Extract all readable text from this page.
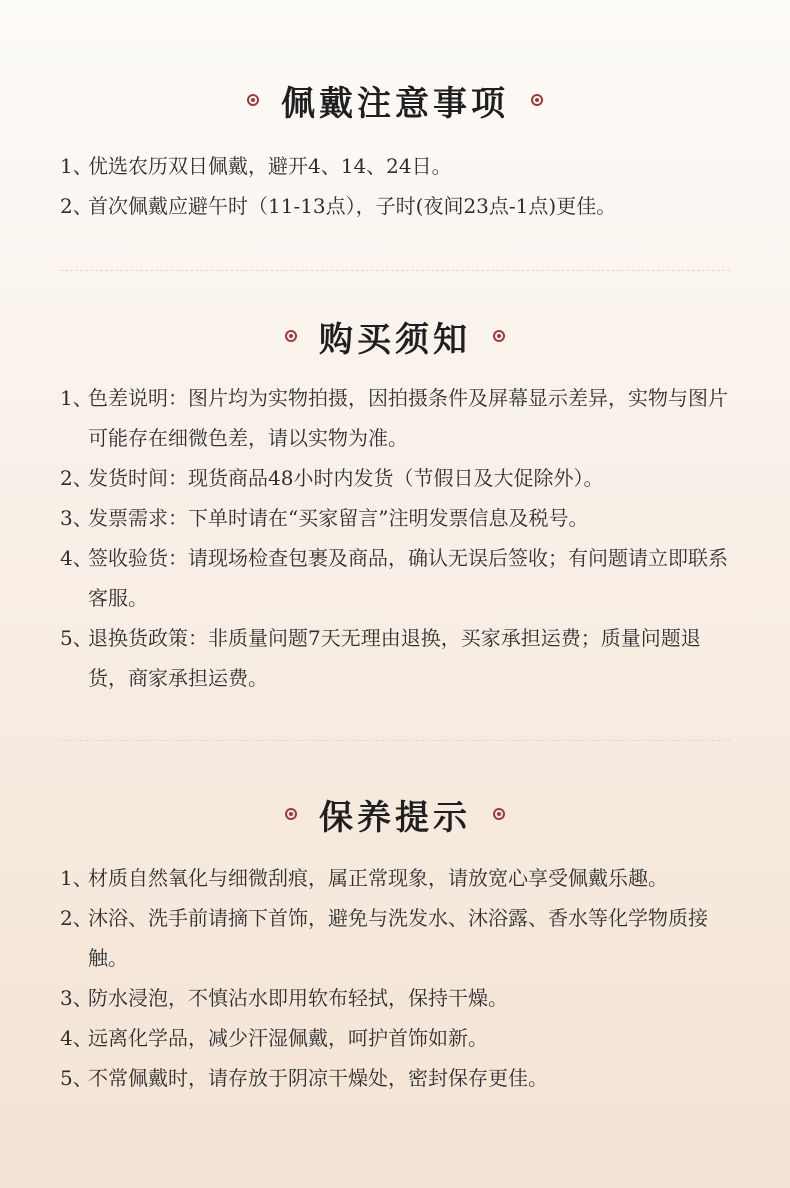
佩戴注意事项
1、
优选农历双日佩戴，避开4、14、24日。
2、
首次佩戴应避午时（11-13点），子时(夜间23点-1点)更佳。
购买须知
1、
色差说明：图片均为实物拍摄，因拍摄条件及屏幕显示差异，实物与图片可能存在细微色差，请以实物为准。
2、
发货时间：现货商品48小时内发货（节假日及大促除外）。
3、
发票需求：下单时请在“买家留言”注明发票信息及税号。
4、
签收验货：请现场检查包裹及商品，确认无误后签收；有问题请立即联系客服。
5、
退换货政策：非质量问题7天无理由退换，买家承担运费；质量问题退货，商家承担运费。
保养提示
1、
材质自然氧化与细微刮痕，属正常现象，请放宽心享受佩戴乐趣。
2、
沐浴、洗手前请摘下首饰，避免与洗发水、沐浴露、香水等化学物质接触。
3、
防水浸泡，不慎沾水即用软布轻拭，保持干燥。
4、
远离化学品，减少汗湿佩戴，呵护首饰如新。
5、
不常佩戴时，请存放于阴凉干燥处，密封保存更佳。
